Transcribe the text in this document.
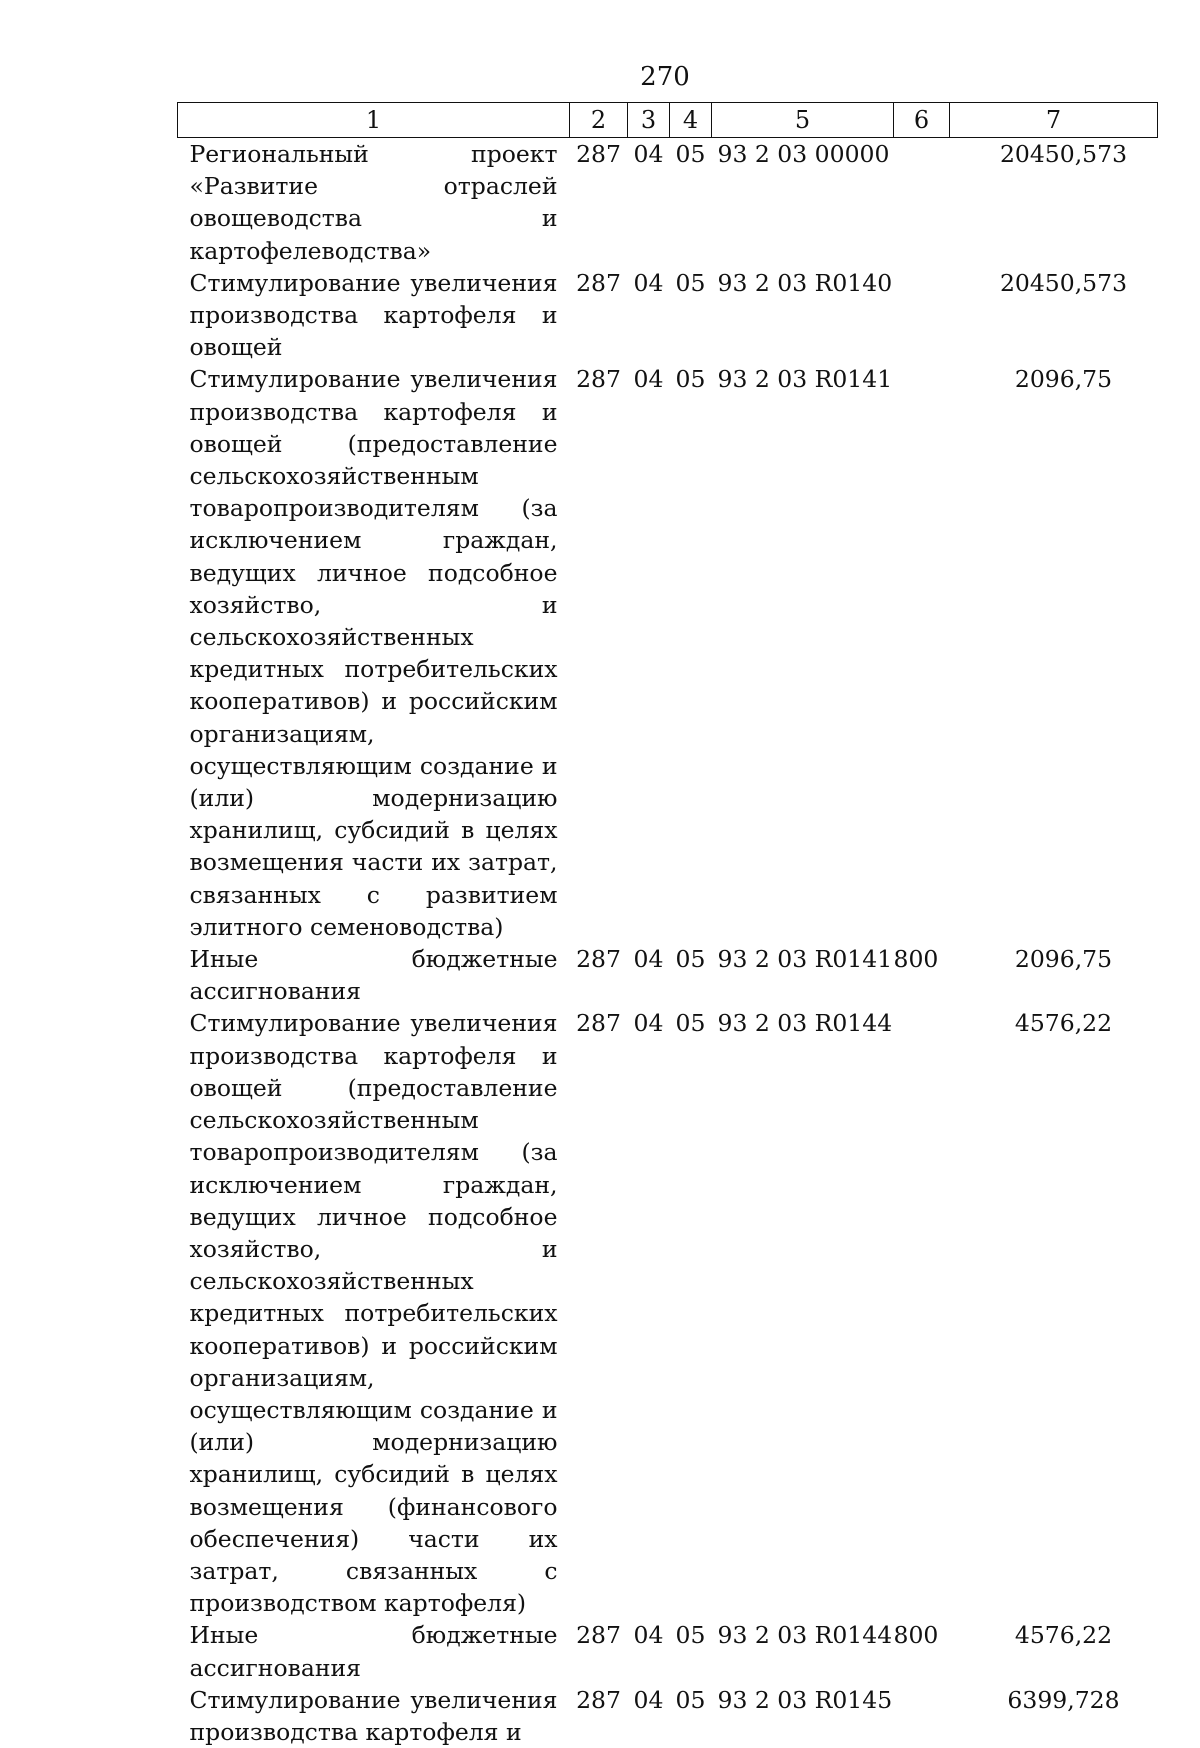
270
1	2	3	4	5	6	7
Региональный проект «Развитие отраслей овощеводства и картофелеводства»	287	04	05	93 2 03 00000		20450,573
Стимулирование увеличения производства картофеля и овощей	287	04	05	93 2 03 R0140		20450,573
Стимулирование увеличения производства картофеля и овощей (предоставление сельскохозяйственным товаропроизводителям (за исключением граждан, ведущих личное подсобное хозяйство, и сельскохозяйственных кредитных потребительских кооперативов) и российским организациям, осуществляющим создание и (или) модернизацию хранилищ, субсидий в целях возмещения части их затрат, связанных с развитием элитного семеноводства)	287	04	05	93 2 03 R0141		2096,75
Иные бюджетные ассигнования	287	04	05	93 2 03 R0141	800	2096,75
Стимулирование увеличения производства картофеля и овощей (предоставление сельскохозяйственным товаропроизводителям (за исключением граждан, ведущих личное подсобное хозяйство, и сельскохозяйственных кредитных потребительских кооперативов) и российским организациям, осуществляющим создание и (или) модернизацию хранилищ, субсидий в целях возмещения (финансового обеспечения) части их затрат, связанных с производством картофеля)	287	04	05	93 2 03 R0144		4576,22
Иные бюджетные ассигнования	287	04	05	93 2 03 R0144	800	4576,22
Стимулирование увеличения производства картофеля и	287	04	05	93 2 03 R0145		6399,728
